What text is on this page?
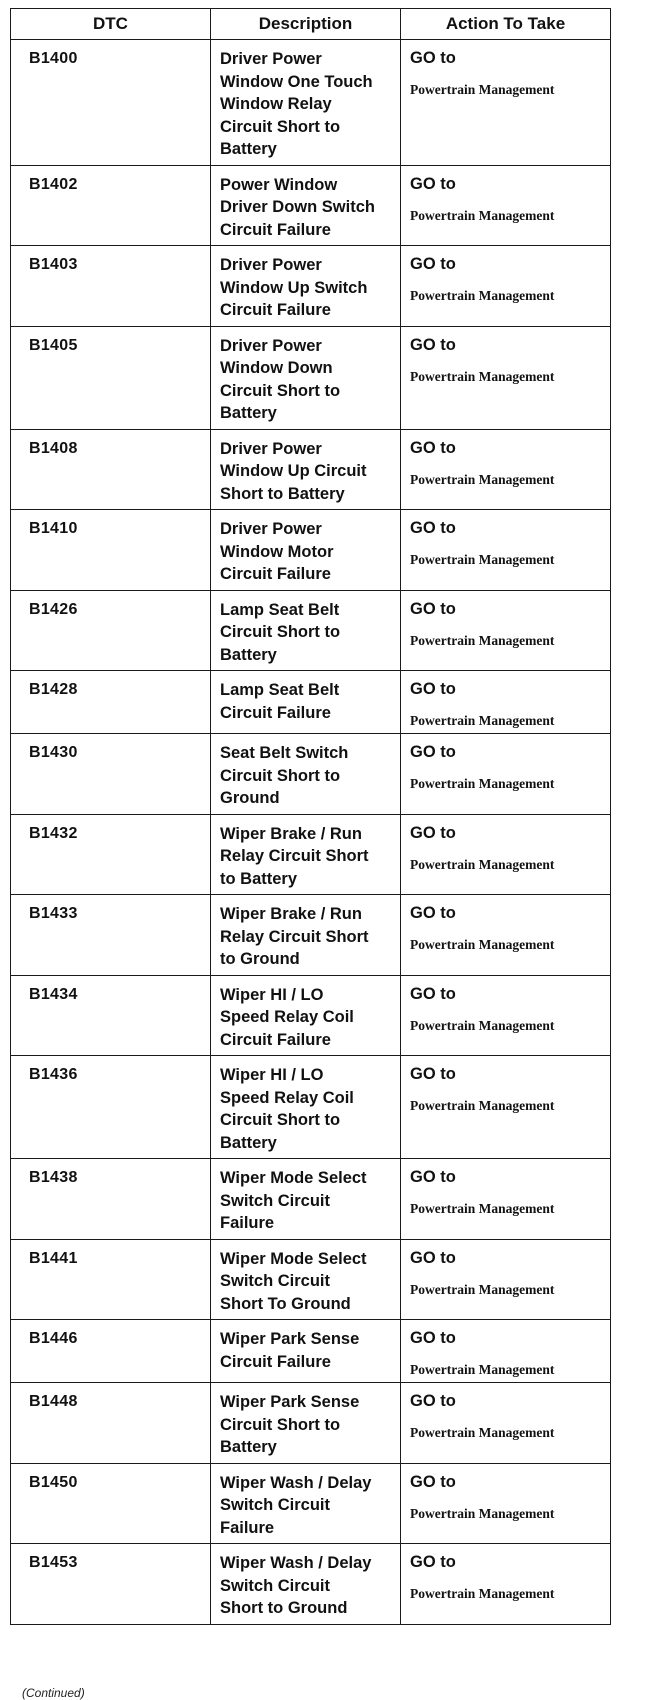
DTC	Description	Action To Take
B1400	Driver Power
Window One Touch
Window Relay
Circuit Short to
Battery	GO to
Powertrain Management

B1402	Power Window
Driver Down Switch
Circuit Failure	GO to
Powertrain Management

B1403	Driver Power
Window Up Switch
Circuit Failure	GO to
Powertrain Management

B1405	Driver Power
Window Down
Circuit Short to
Battery	GO to
Powertrain Management

B1408	Driver Power
Window Up Circuit
Short to Battery	GO to
Powertrain Management

B1410	Driver Power
Window Motor
Circuit Failure	GO to
Powertrain Management

B1426	Lamp Seat Belt
Circuit Short to
Battery	GO to
Powertrain Management

B1428	Lamp Seat Belt
Circuit Failure	GO to
Powertrain Management

B1430	Seat Belt Switch
Circuit Short to
Ground	GO to
Powertrain Management

B1432	Wiper Brake / Run
Relay Circuit Short
to Battery	GO to
Powertrain Management

B1433	Wiper Brake / Run
Relay Circuit Short
to Ground	GO to
Powertrain Management

B1434	Wiper HI / LO
Speed Relay Coil
Circuit Failure	GO to
Powertrain Management

B1436	Wiper HI / LO
Speed Relay Coil
Circuit Short to
Battery	GO to
Powertrain Management

B1438	Wiper Mode Select
Switch Circuit
Failure	GO to
Powertrain Management

B1441	Wiper Mode Select
Switch Circuit
Short To Ground	GO to
Powertrain Management

B1446	Wiper Park Sense
Circuit Failure	GO to
Powertrain Management

B1448	Wiper Park Sense
Circuit Short to
Battery	GO to
Powertrain Management

B1450	Wiper Wash / Delay
Switch Circuit
Failure	GO to
Powertrain Management

B1453	Wiper Wash / Delay
Switch Circuit
Short to Ground	GO to
Powertrain Management
(Continued)
